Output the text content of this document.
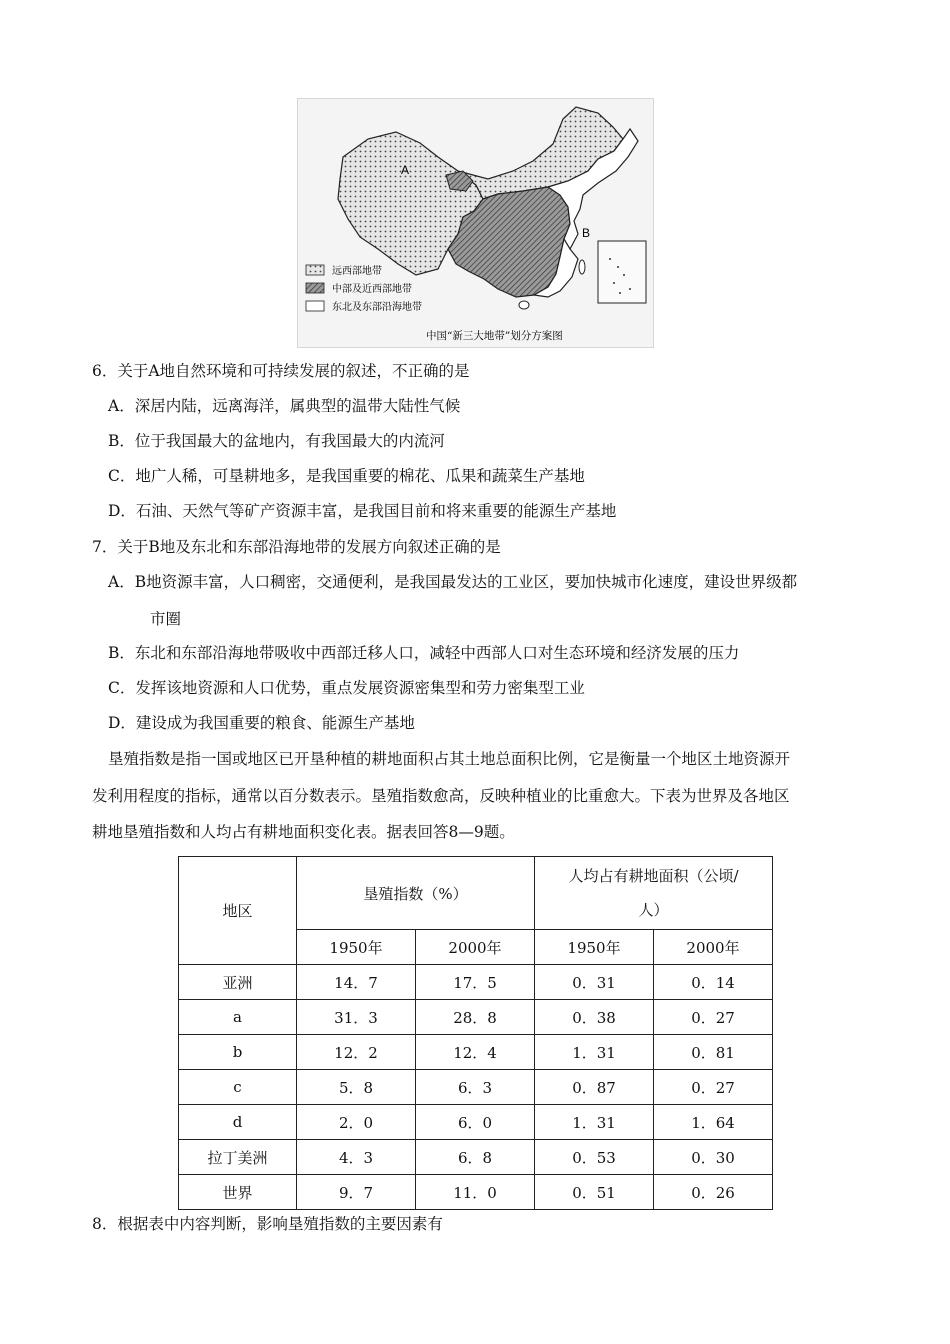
A
B
远西部地带
中部及近西部地带
东北及东部沿海地带
中国“新三大地带”划分方案图
6．关于A地自然环境和可持续发展的叙述，不正确的是
A．深居内陆，远离海洋，属典型的温带大陆性气候
B．位于我国最大的盆地内，有我国最大的内流河
C．地广人稀，可垦耕地多，是我国重要的棉花、瓜果和蔬菜生产基地
D．石油、天然气等矿产资源丰富，是我国目前和将来重要的能源生产基地
7．关于B地及东北和东部沿海地带的发展方向叙述正确的是
A．B地资源丰富，人口稠密，交通便利，是我国最发达的工业区，要加快城市化速度，建设世界级都
市圈
B．东北和东部沿海地带吸收中西部迁移人口，减轻中西部人口对生态环境和经济发展的压力
C．发挥该地资源和人口优势，重点发展资源密集型和劳力密集型工业
D．建设成为我国重要的粮食、能源生产基地
垦殖指数是指一国或地区已开垦种植的耕地面积占其土地总面积比例，它是衡量一个地区土地资源开
发利用程度的指标，通常以百分数表示。垦殖指数愈高，反映种植业的比重愈大。下表为世界及各地区
耕地垦殖指数和人均占有耕地面积变化表。据表回答8—9题。
地区	垦殖指数（%）		人均占有耕地面积（公顷/
人）	

	1950年	2000年	1950年	2000年
亚洲	14．7	17．5	0．31	0．14
a	31．3	28．8	0．38	0．27
b	12．2	12．4	1．31	0．81
c	5．8	6．3	0．87	0．27
d	2．0	6．0	1．31	1．64
拉丁美洲	4．3	6．8	0．53	0．30
世界	9．7	11．0	0．51	0．26
8．根据表中内容判断，影响垦殖指数的主要因素有
